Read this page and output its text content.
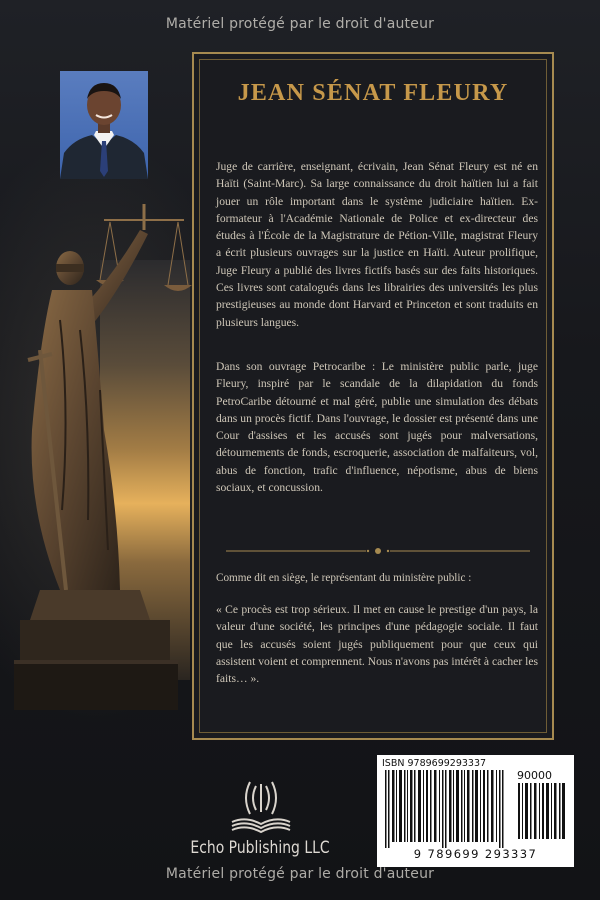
Matériel protégé par le droit d'auteur
JEAN SÉNAT FLEURY

Juge de carrière, enseignant, écrivain, Jean Sénat Fleury est né en Haïti (Saint-Marc). Sa large connaissance du droit haïtien lui a fait jouer un rôle important dans le système judiciaire haïtien. Ex-formateur à l'Académie Nationale de Police et ex-directeur des études à l'École de la Magistrature de Pétion-Ville, magistrat Fleury a écrit plusieurs ouvrages sur la justice en Haïti. Auteur prolifique, Juge Fleury a publié des livres fictifs basés sur des faits historiques. Ces livres sont catalogués dans les librairies des universités les plus prestigieuses au monde dont Harvard et Princeton et sont traduits en plusieurs langues.

Dans son ouvrage Petrocaribe : Le ministère public parle, juge Fleury, inspiré par le scandale de la dilapidation du fonds PetroCaribe détourné et mal géré, publie une simulation des débats dans un procès fictif. Dans l'ouvrage, le dossier est présenté dans une Cour d'assises et les accusés sont jugés pour malversations, détournements de fonds, escroquerie, association de malfaiteurs, vol, abus de fonction, trafic d'influence, népotisme, abus de biens sociaux, et concussion.

Comme dit en siège, le représentant du ministère public :

« Ce procès est trop sérieux. Il met en cause le prestige d'un pays, la valeur d'une société, les principes d'une pédagogie sociale. Il faut que les accusés soient jugés publiquement pour que ceux qui assistent voient et comprennent. Nous n'avons pas intérêt à cacher les faits… ».

ISBN 9789699293337
90000
9 789699 293337
Echo Publishing LLC
Matériel protégé par le droit d'auteur
